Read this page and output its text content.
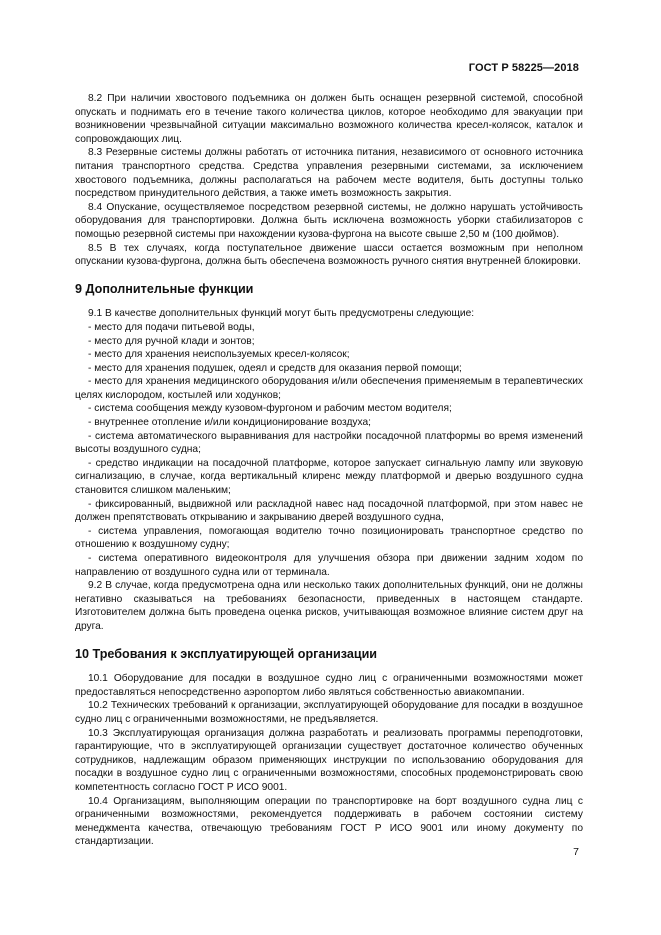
ГОСТ Р 58225—2018

8.2 При наличии хвостового подъемника он должен быть оснащен резервной системой, способной опускать и поднимать его в течение такого количества циклов, которое необходимо для эвакуации при возникновении чрезвычайной ситуации максимально возможного количества кресел-колясок, каталок и сопровождающих лиц.

8.3 Резервные системы должны работать от источника питания, независимого от основного источника питания транспортного средства. Средства управления резервными системами, за исключением хвостового подъемника, должны располагаться на рабочем месте водителя, быть доступны только посредством принудительного действия, а также иметь возможность закрытия.

8.4 Опускание, осуществляемое посредством резервной системы, не должно нарушать устойчивость оборудования для транспортировки. Должна быть исключена возможность уборки стабилизаторов с помощью резервной системы при нахождении кузова-фургона на высоте свыше 2,50 м (100 дюймов).

8.5 В тех случаях, когда поступательное движение шасси остается возможным при неполном опускании кузова-фургона, должна быть обеспечена возможность ручного снятия внутренней блокировки.

9 Дополнительные функции

9.1 В качестве дополнительных функций могут быть предусмотрены следующие:

- место для подачи питьевой воды,
- место для ручной клади и зонтов;
- место для хранения неиспользуемых кресел-колясок;
- место для хранения подушек, одеял и средств для оказания первой помощи;
- место для хранения медицинского оборудования и/или обеспечения применяемым в терапевтических целях кислородом, костылей или ходунков;
- система сообщения между кузовом-фургоном и рабочим местом водителя;
- внутреннее отопление и/или кондиционирование воздуха;
- система автоматического выравнивания для настройки посадочной платформы во время изменений высоты воздушного судна;
- средство индикации на посадочной платформе, которое запускает сигнальную лампу или звуковую сигнализацию, в случае, когда вертикальный клиренс между платформой и дверью воздушного судна становится слишком маленьким;
- фиксированный, выдвижной или раскладной навес над посадочной платформой, при этом навес не должен препятствовать открыванию и закрыванию дверей воздушного судна,
- система управления, помогающая водителю точно позиционировать транспортное средство по отношению к воздушному судну;
- система оперативного видеоконтроля для улучшения обзора при движении задним ходом по направлению от воздушного судна или от терминала.

9.2 В случае, когда предусмотрена одна или несколько таких дополнительных функций, они не должны негативно сказываться на требованиях безопасности, приведенных в настоящем стандарте. Изготовителем должна быть проведена оценка рисков, учитывающая возможное влияние систем друг на друга.

10 Требования к эксплуатирующей организации

10.1 Оборудование для посадки в воздушное судно лиц с ограниченными возможностями может предоставляться непосредственно аэропортом либо являться собственностью авиакомпании.

10.2 Технических требований к организации, эксплуатирующей оборудование для посадки в воздушное судно лиц с ограниченными возможностями, не предъявляется.

10.3 Эксплуатирующая организация должна разработать и реализовать программы переподготовки, гарантирующие, что в эксплуатирующей организации существует достаточное количество обученных сотрудников, надлежащим образом применяющих инструкции по использованию оборудования для посадки в воздушное судно лиц с ограниченными возможностями, способных продемонстрировать свою компетентность согласно ГОСТ Р ИСО 9001.

10.4 Организациям, выполняющим операции по транспортировке на борт воздушного судна лиц с ограниченными возможностями, рекомендуется поддерживать в рабочем состоянии систему менеджмента качества, отвечающую требованиям ГОСТ Р ИСО 9001 или иному документу по стандартизации.

7
